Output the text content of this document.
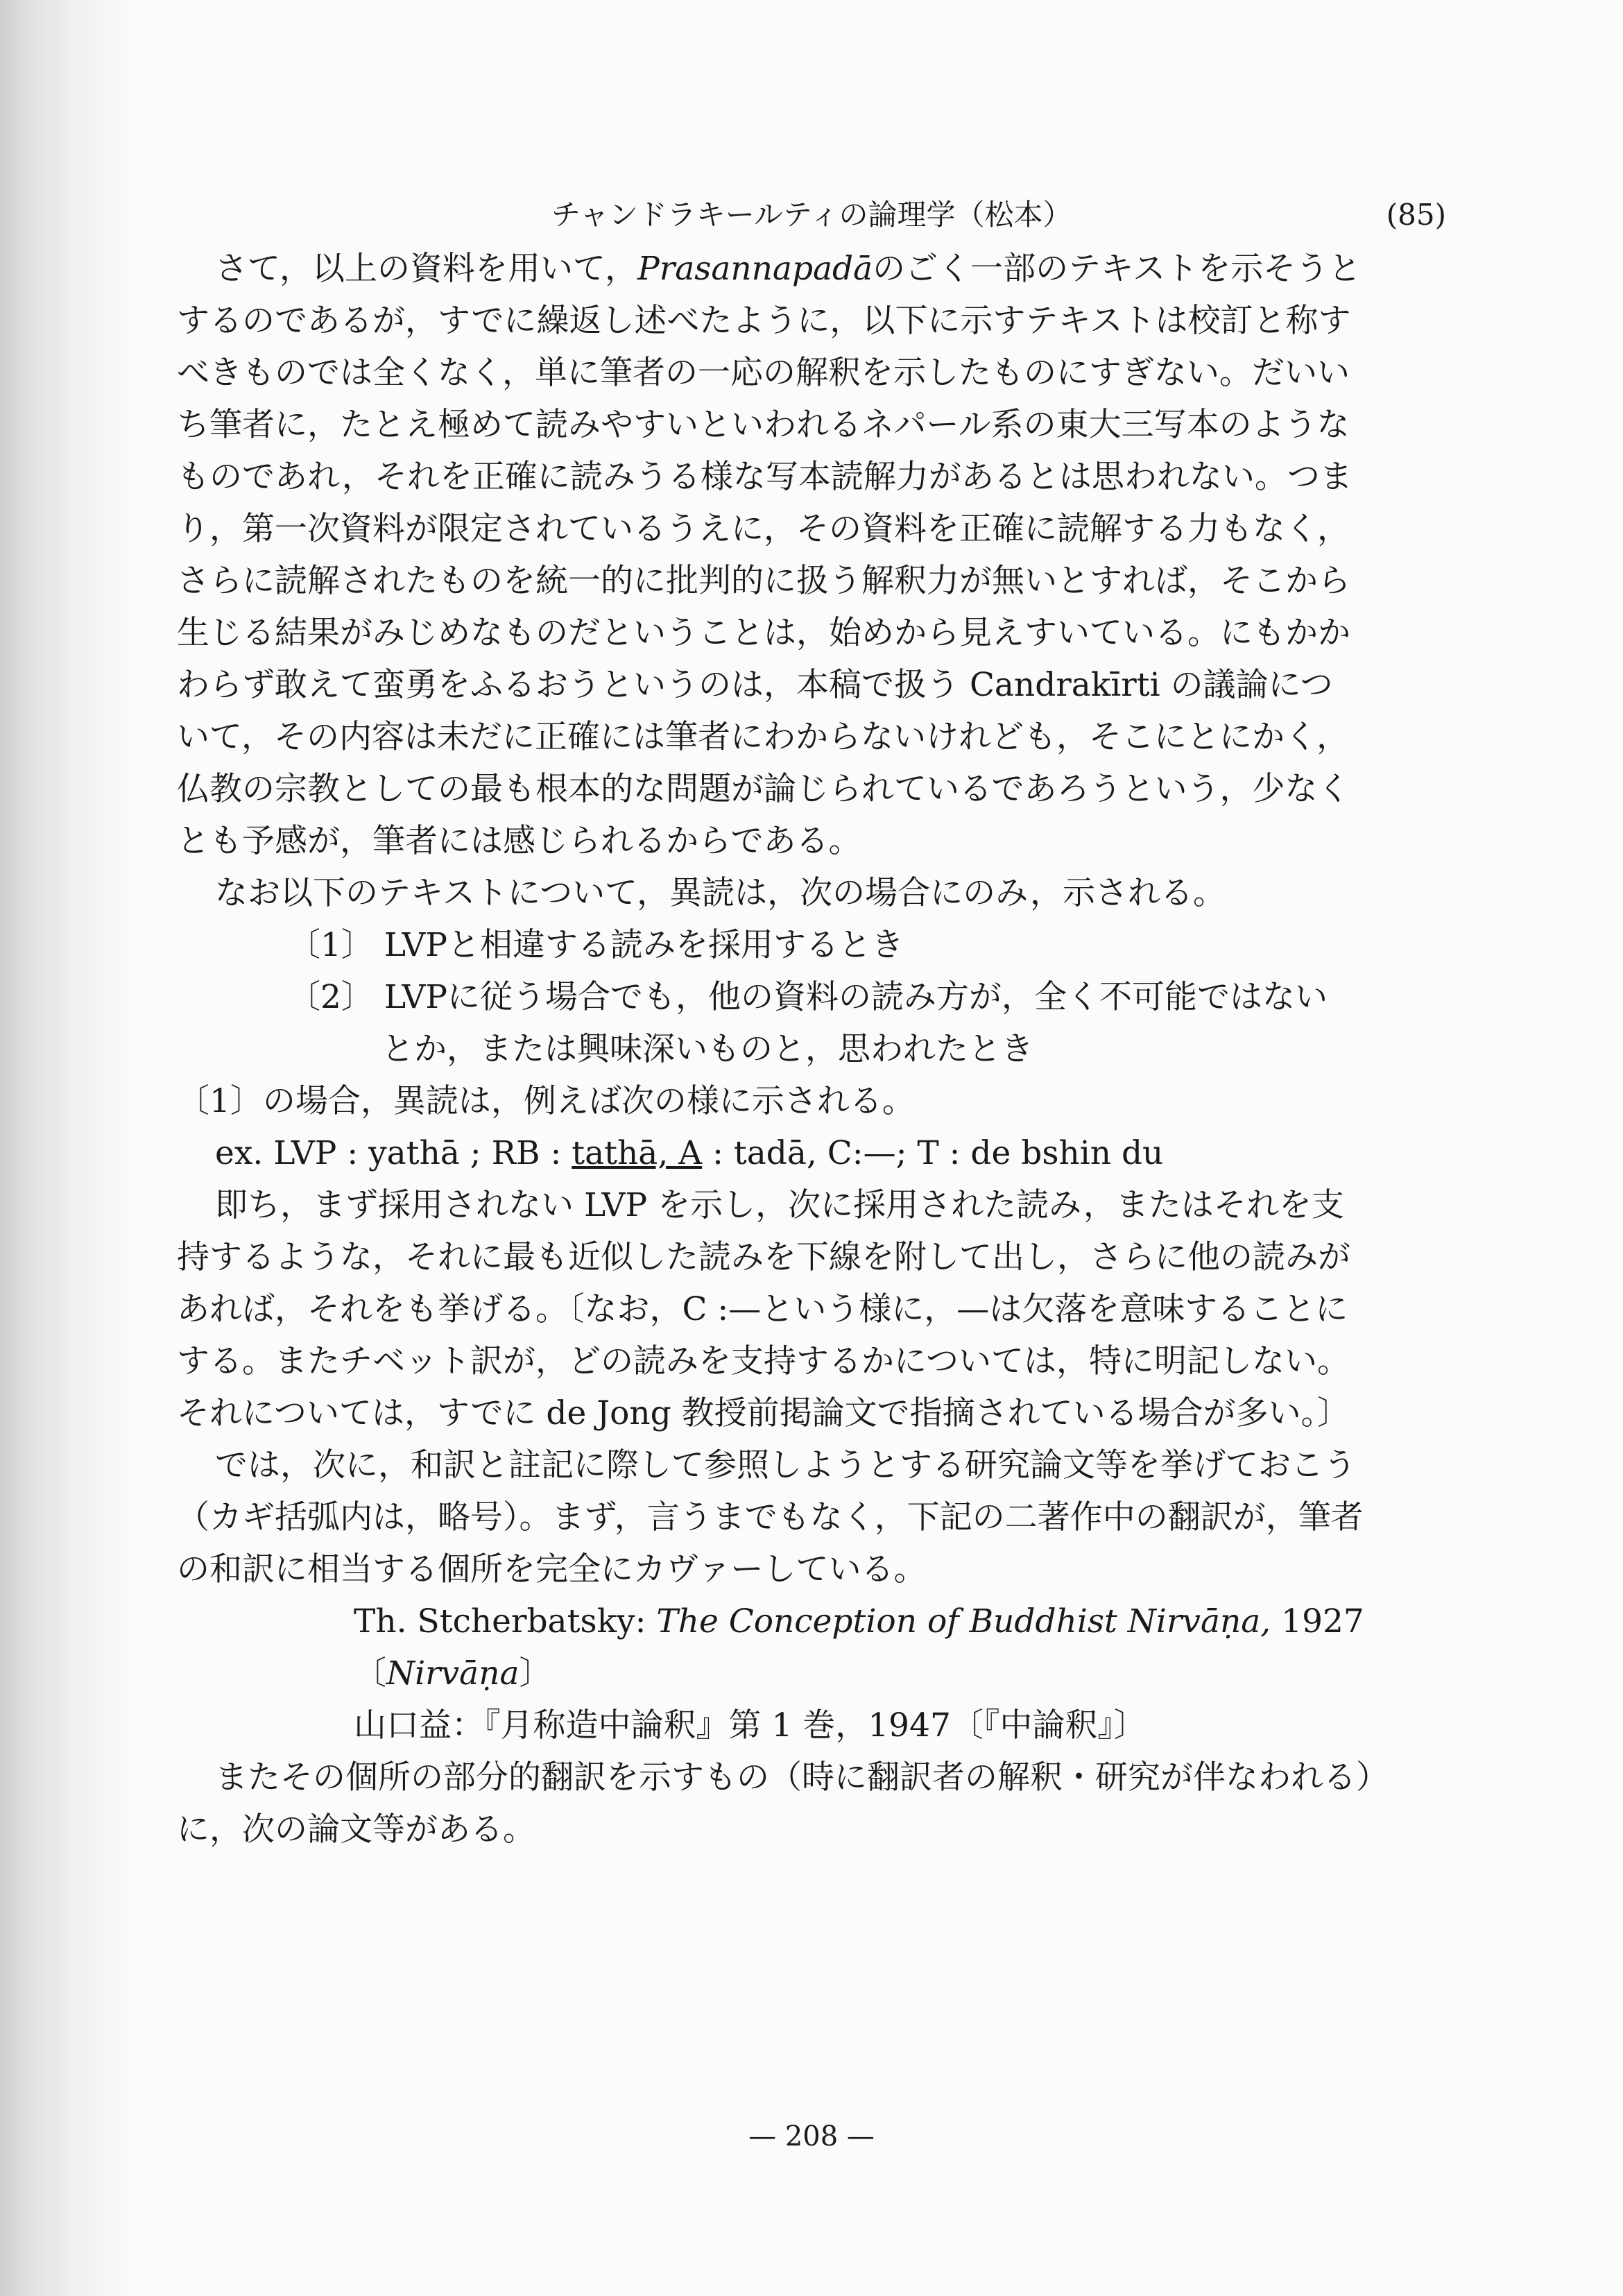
チャンドラキールティの論理学（松本）	(85)

さて，以上の資料を用いて，Prasannapadāのごく一部のテキストを示そうと

するのであるが，すでに繰返し述べたように，以下に示すテキストは校訂と称す

べきものでは全くなく，単に筆者の一応の解釈を示したものにすぎない。だいい

ち筆者に，たとえ極めて読みやすいといわれるネパール系の東大三写本のような

ものであれ，それを正確に読みうる様な写本読解力があるとは思われない。つま

り，第一次資料が限定されているうえに，その資料を正確に読解する力もなく，

さらに読解されたものを統一的に批判的に扱う解釈力が無いとすれば，そこから

生じる結果がみじめなものだということは，始めから見えすいている。にもかか

わらず敢えて蛮勇をふるおうというのは，本稿で扱う Candrakīrti の議論につ

いて，その内容は未だに正確には筆者にわからないけれども，そこにとにかく，

仏教の宗教としての最も根本的な問題が論じられているであろうという，少なく

とも予感が，筆者には感じられるからである。

なお以下のテキストについて，異読は，次の場合にのみ，示される。

〔1〕 LVPと相違する読みを採用するとき

〔2〕 LVPに従う場合でも，他の資料の読み方が，全く不可能ではない

とか，または興味深いものと，思われたとき

〔1〕の場合，異読は，例えば次の様に示される。

ex. LVP : yathā ; RB : tathā, A : tadā, C:—; T : de bshin du

即ち，まず採用されない LVP を示し，次に採用された読み，またはそれを支

持するような，それに最も近似した読みを下線を附して出し，さらに他の読みが

あれば，それをも挙げる。〔なお，C :—という様に，—は欠落を意味することに

する。またチベット訳が，どの読みを支持するかについては，特に明記しない。

それについては，すでに de Jong 教授前掲論文で指摘されている場合が多い。〕

では，次に，和訳と註記に際して参照しようとする研究論文等を挙げておこう

（カギ括弧内は，略号）。まず，言うまでもなく，下記の二著作中の翻訳が，筆者

の和訳に相当する個所を完全にカヴァーしている。

Th. Stcherbatsky: The Conception of Buddhist Nirvāṇa, 1927

〔Nirvāṇa〕

山口益：『月称造中論釈』第 1 巻，1947〔『中論釈』〕

またその個所の部分的翻訳を示すもの（時に翻訳者の解釈・研究が伴なわれる）

に，次の論文等がある。

— 208 —
